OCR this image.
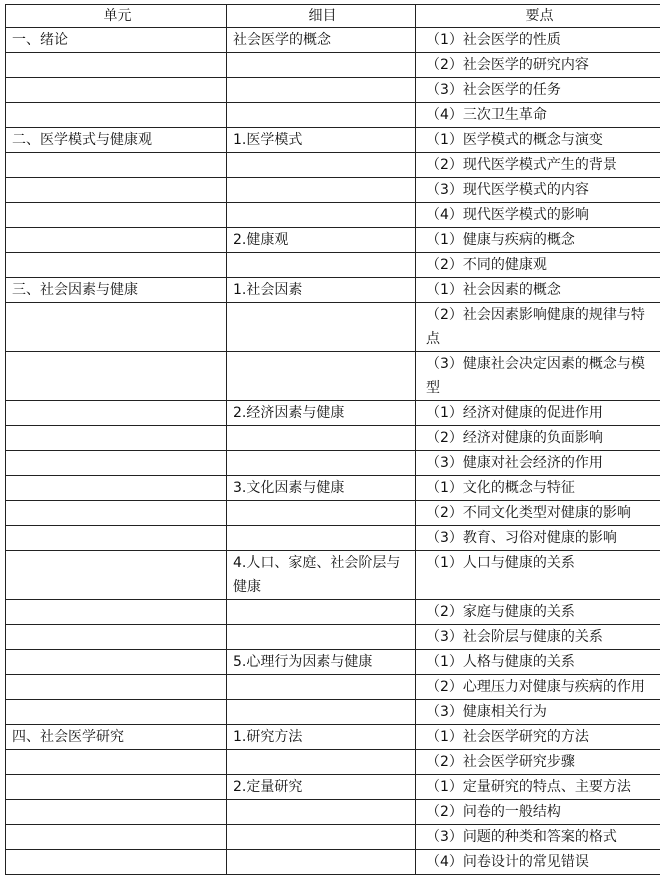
单元	细目	要点
一、绪论	社会医学的概念	（1）社会医学的性质
		（2）社会医学的研究内容
		（3）社会医学的任务
		（4）三次卫生革命
二、医学模式与健康观	1.医学模式	（1）医学模式的概念与演变
		（2）现代医学模式产生的背景
		（3）现代医学模式的内容
		（4）现代医学模式的影响
	2.健康观	（1）健康与疾病的概念
		（2）不同的健康观
三、社会因素与健康	1.社会因素	（1）社会因素的概念
		（2）社会因素影响健康的规律与特点
		（3）健康社会决定因素的概念与模型
	2.经济因素与健康	（1）经济对健康的促进作用
		（2）经济对健康的负面影响
		（3）健康对社会经济的作用
	3.文化因素与健康	（1）文化的概念与特征
		（2）不同文化类型对健康的影响
		（3）教育、习俗对健康的影响
	4.人口、家庭、社会阶层与健康	（1）人口与健康的关系
		（2）家庭与健康的关系
		（3）社会阶层与健康的关系
	5.心理行为因素与健康	（1）人格与健康的关系
		（2）心理压力对健康与疾病的作用
		（3）健康相关行为
四、社会医学研究	1.研究方法	（1）社会医学研究的方法
		（2）社会医学研究步骤
	2.定量研究	（1）定量研究的特点、主要方法
		（2）问卷的一般结构
		（3）问题的种类和答案的格式
		（4）问卷设计的常见错误
